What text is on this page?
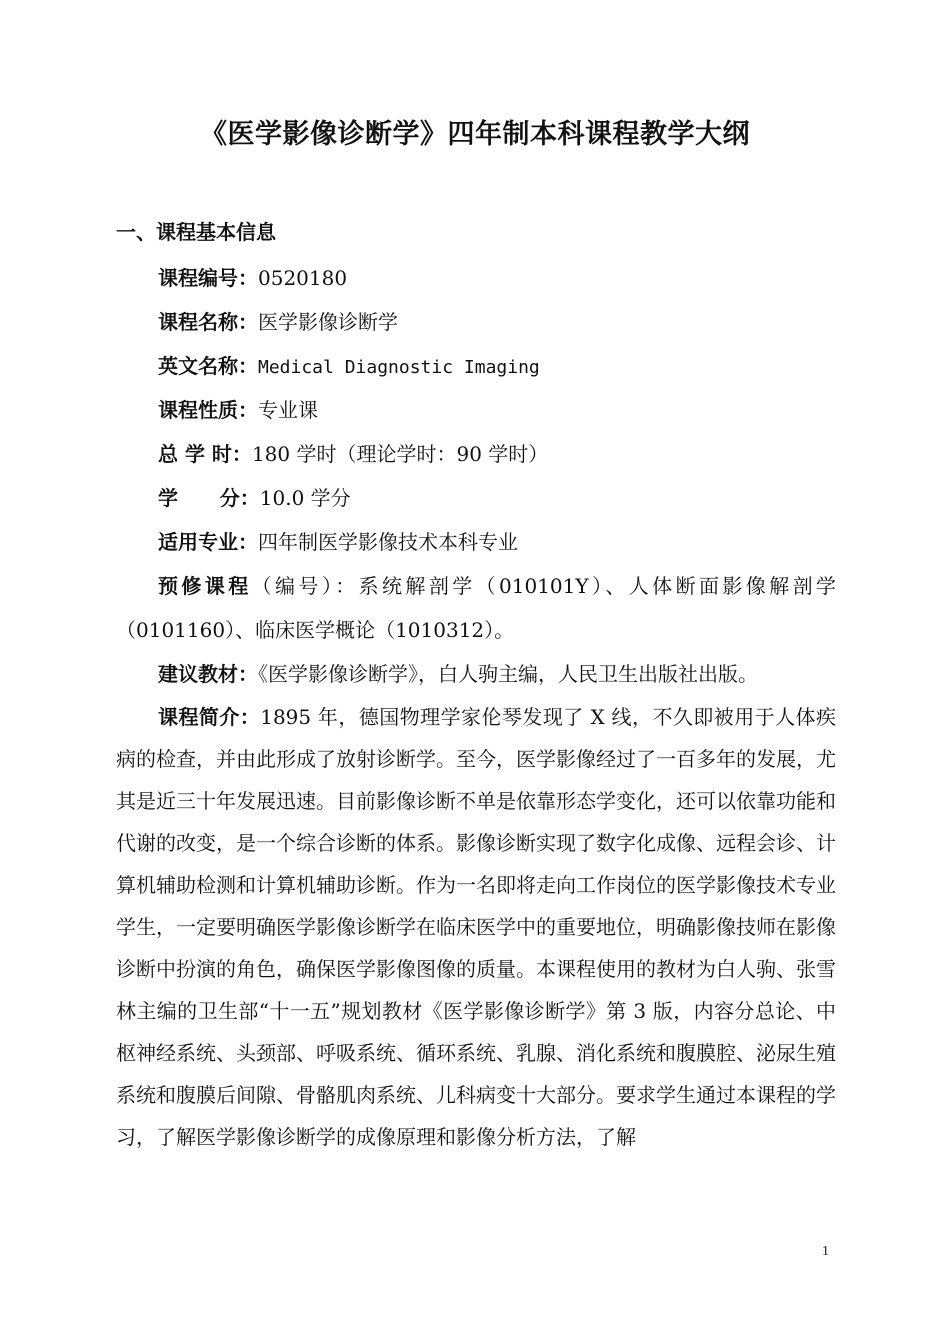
《医学影像诊断学》四年制本科课程教学大纲
一、课程基本信息
课程编号：0520180
课程名称：医学影像诊断学
英文名称：Medical Diagnostic Imaging
课程性质：专业课
总 学 时：180 学时（理论学时：90 学时）
学      分：10.0 学分
适用专业：四年制医学影像技术本科专业

预修课程（编号）：系统解剖学（010101Y）、人体断面影像解剖学（0101160）、临床医学概论（1010312）。

建议教材：《医学影像诊断学》，白人驹主编，人民卫生出版社出版。

课程简介：1895 年，德国物理学家伦琴发现了 X 线，不久即被用于人体疾病的检查，并由此形成了放射诊断学。至今，医学影像经过了一百多年的发展，尤其是近三十年发展迅速。目前影像诊断不单是依靠形态学变化，还可以依靠功能和代谢的改变，是一个综合诊断的体系。影像诊断实现了数字化成像、远程会诊、计算机辅助检测和计算机辅助诊断。作为一名即将走向工作岗位的医学影像技术专业学生，一定要明确医学影像诊断学在临床医学中的重要地位，明确影像技师在影像诊断中扮演的角色，确保医学影像图像的质量。本课程使用的教材为白人驹、张雪林主编的卫生部“十一五”规划教材《医学影像诊断学》第 3 版，内容分总论、中枢神经系统、头颈部、呼吸系统、循环系统、乳腺、消化系统和腹膜腔、泌尿生殖系统和腹膜后间隙、骨骼肌肉系统、儿科病变十大部分。要求学生通过本课程的学习，了解医学影像诊断学的成像原理和影像分析方法，了解

1
